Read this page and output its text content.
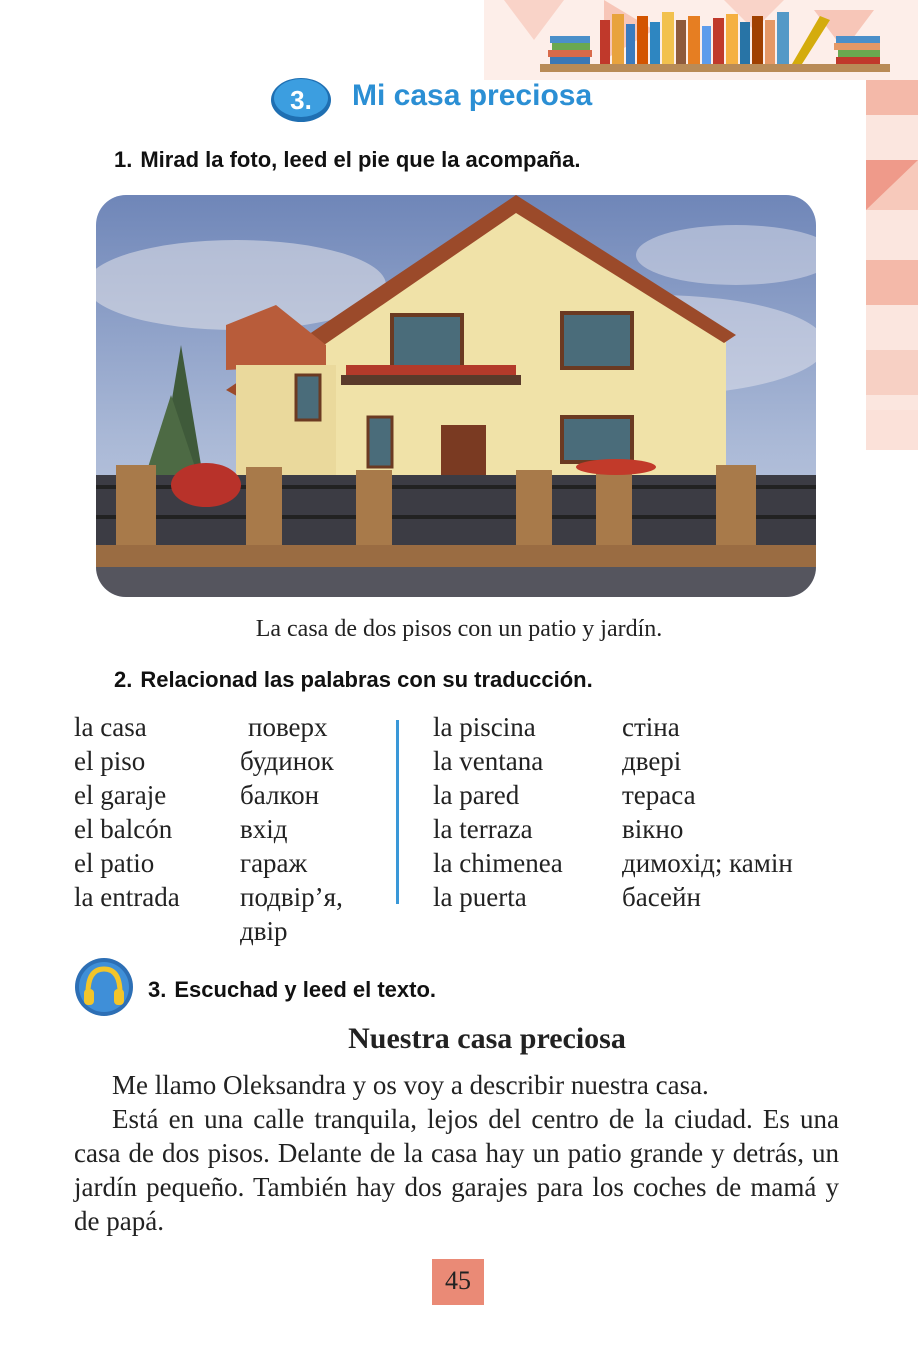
3. Mi casa preciosa
1. Mirad la foto, leed el pie que la acompaña.
La casa de dos pisos con un patio y jardín.
2. Relacionad las palabras con su traducción.
la casa
el piso
el garaje
el balcón
el patio
la entrada
поверх
будинок
балкон
вхід
гараж
подвір’я,
двір
la piscina
la ventana
la pared
la terraza
la chimenea
la puerta
стіна
двері
тераса
вікно
димохід; камін
басейн
3. Escuchad y leed el texto.
Nuestra casa preciosa

Me llamo Oleksandra y os voy a describir nuestra casa.

Está en una calle tranquila, lejos del centro de la ciudad. Es una casa de dos pisos. Delante de la casa hay un patio grande y detrás, un jardín pequeño. También hay dos garajes para los coches de mamá y de papá.

45
